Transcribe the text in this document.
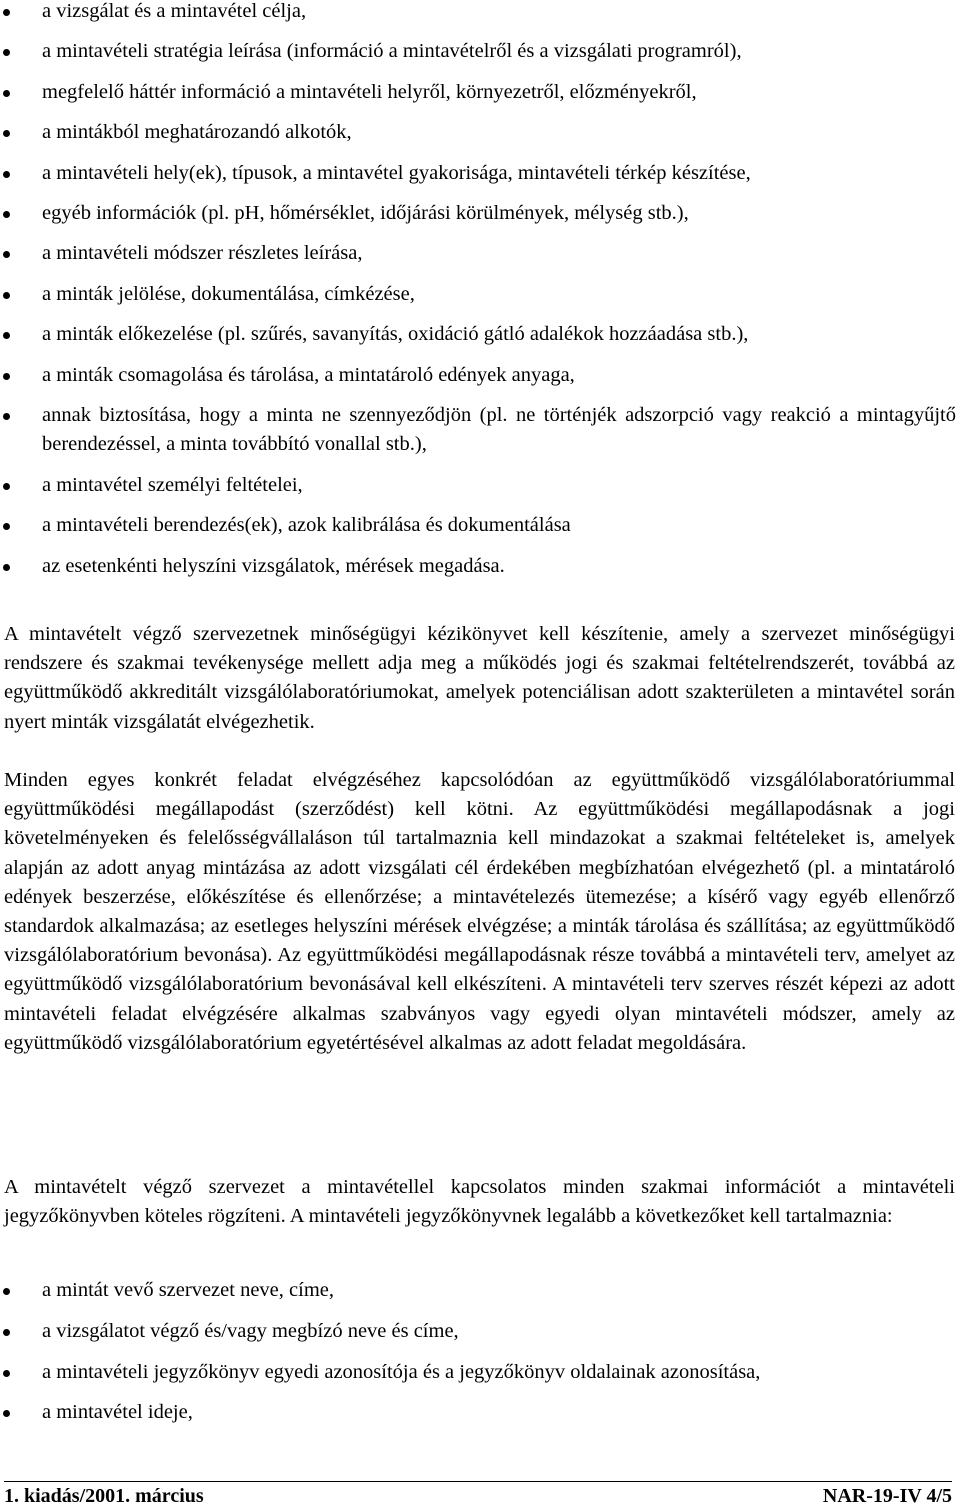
a vizsgálat és a mintavétel célja,
a mintavételi stratégia leírása (információ a mintavételről és a vizsgálati programról),
megfelelő háttér információ a mintavételi helyről, környezetről, előzményekről,
a mintákból meghatározandó alkotók,
a mintavételi hely(ek), típusok, a mintavétel gyakorisága, mintavételi térkép készítése,
egyéb információk (pl. pH, hőmérséklet, időjárási körülmények, mélység stb.),
a mintavételi módszer részletes leírása,
a minták jelölése, dokumentálása, címkézése,
a minták előkezelése (pl. szűrés, savanyítás, oxidáció gátló adalékok hozzáadása stb.),
a minták csomagolása és tárolása, a mintatároló edények anyaga,
annak biztosítása, hogy a minta ne szennyeződjön (pl. ne történjék adszorpció vagy reakció a mintagyűjtő berendezéssel, a minta továbbító vonallal stb.),
a mintavétel személyi feltételei,
a mintavételi berendezés(ek), azok kalibrálása és dokumentálása
az esetenkénti helyszíni vizsgálatok, mérések megadása.

A mintavételt végző szervezetnek minőségügyi kézikönyvet kell készítenie, amely a szervezet minőségügyi rendszere és szakmai tevékenysége mellett adja meg a működés jogi és szakmai feltételrendszerét, továbbá az együttműködő akkreditált vizsgálólaboratóriumokat, amelyek potenciálisan adott szakterületen a mintavétel során nyert minták vizsgálatát elvégezhetik.

Minden egyes konkrét feladat elvégzéséhez kapcsolódóan az együttműködő vizsgálólaboratóriummal együttműködési megállapodást (szerződést) kell kötni. Az együttműködési megállapodásnak a jogi követelményeken és felelősségvállaláson túl tartalmaznia kell mindazokat a szakmai feltételeket is, amelyek alapján az adott anyag mintázása az adott vizsgálati cél érdekében megbízhatóan elvégezhető (pl. a mintatároló edények beszerzése, előkészítése és ellenőrzése; a mintavételezés ütemezése; a kísérő vagy egyéb ellenőrző standardok alkalmazása; az esetleges helyszíni mérések elvégzése; a minták tárolása és szállítása; az együttműködő vizsgálólaboratórium bevonása). Az együttműködési megállapodásnak része továbbá a mintavételi terv, amelyet az együttműködő vizsgálólaboratórium bevonásával kell elkészíteni. A mintavételi terv szerves részét képezi az adott mintavételi feladat elvégzésére alkalmas szabványos vagy egyedi olyan mintavételi módszer, amely az együttműködő vizsgálólaboratórium egyetértésével alkalmas az adott feladat megoldására.

A mintavételt végző szervezet a mintavétellel kapcsolatos minden szakmai információt a mintavételi jegyzőkönyvben köteles rögzíteni. A mintavételi jegyzőkönyvnek legalább a következőket kell tartalmaznia:

a mintát vevő szervezet neve, címe,
a vizsgálatot végző és/vagy megbízó neve és címe,
a mintavételi jegyzőkönyv egyedi azonosítója és a jegyzőkönyv oldalainak azonosítása,
a mintavétel ideje,
1. kiadás/2001. március	NAR-19-IV 4/5
